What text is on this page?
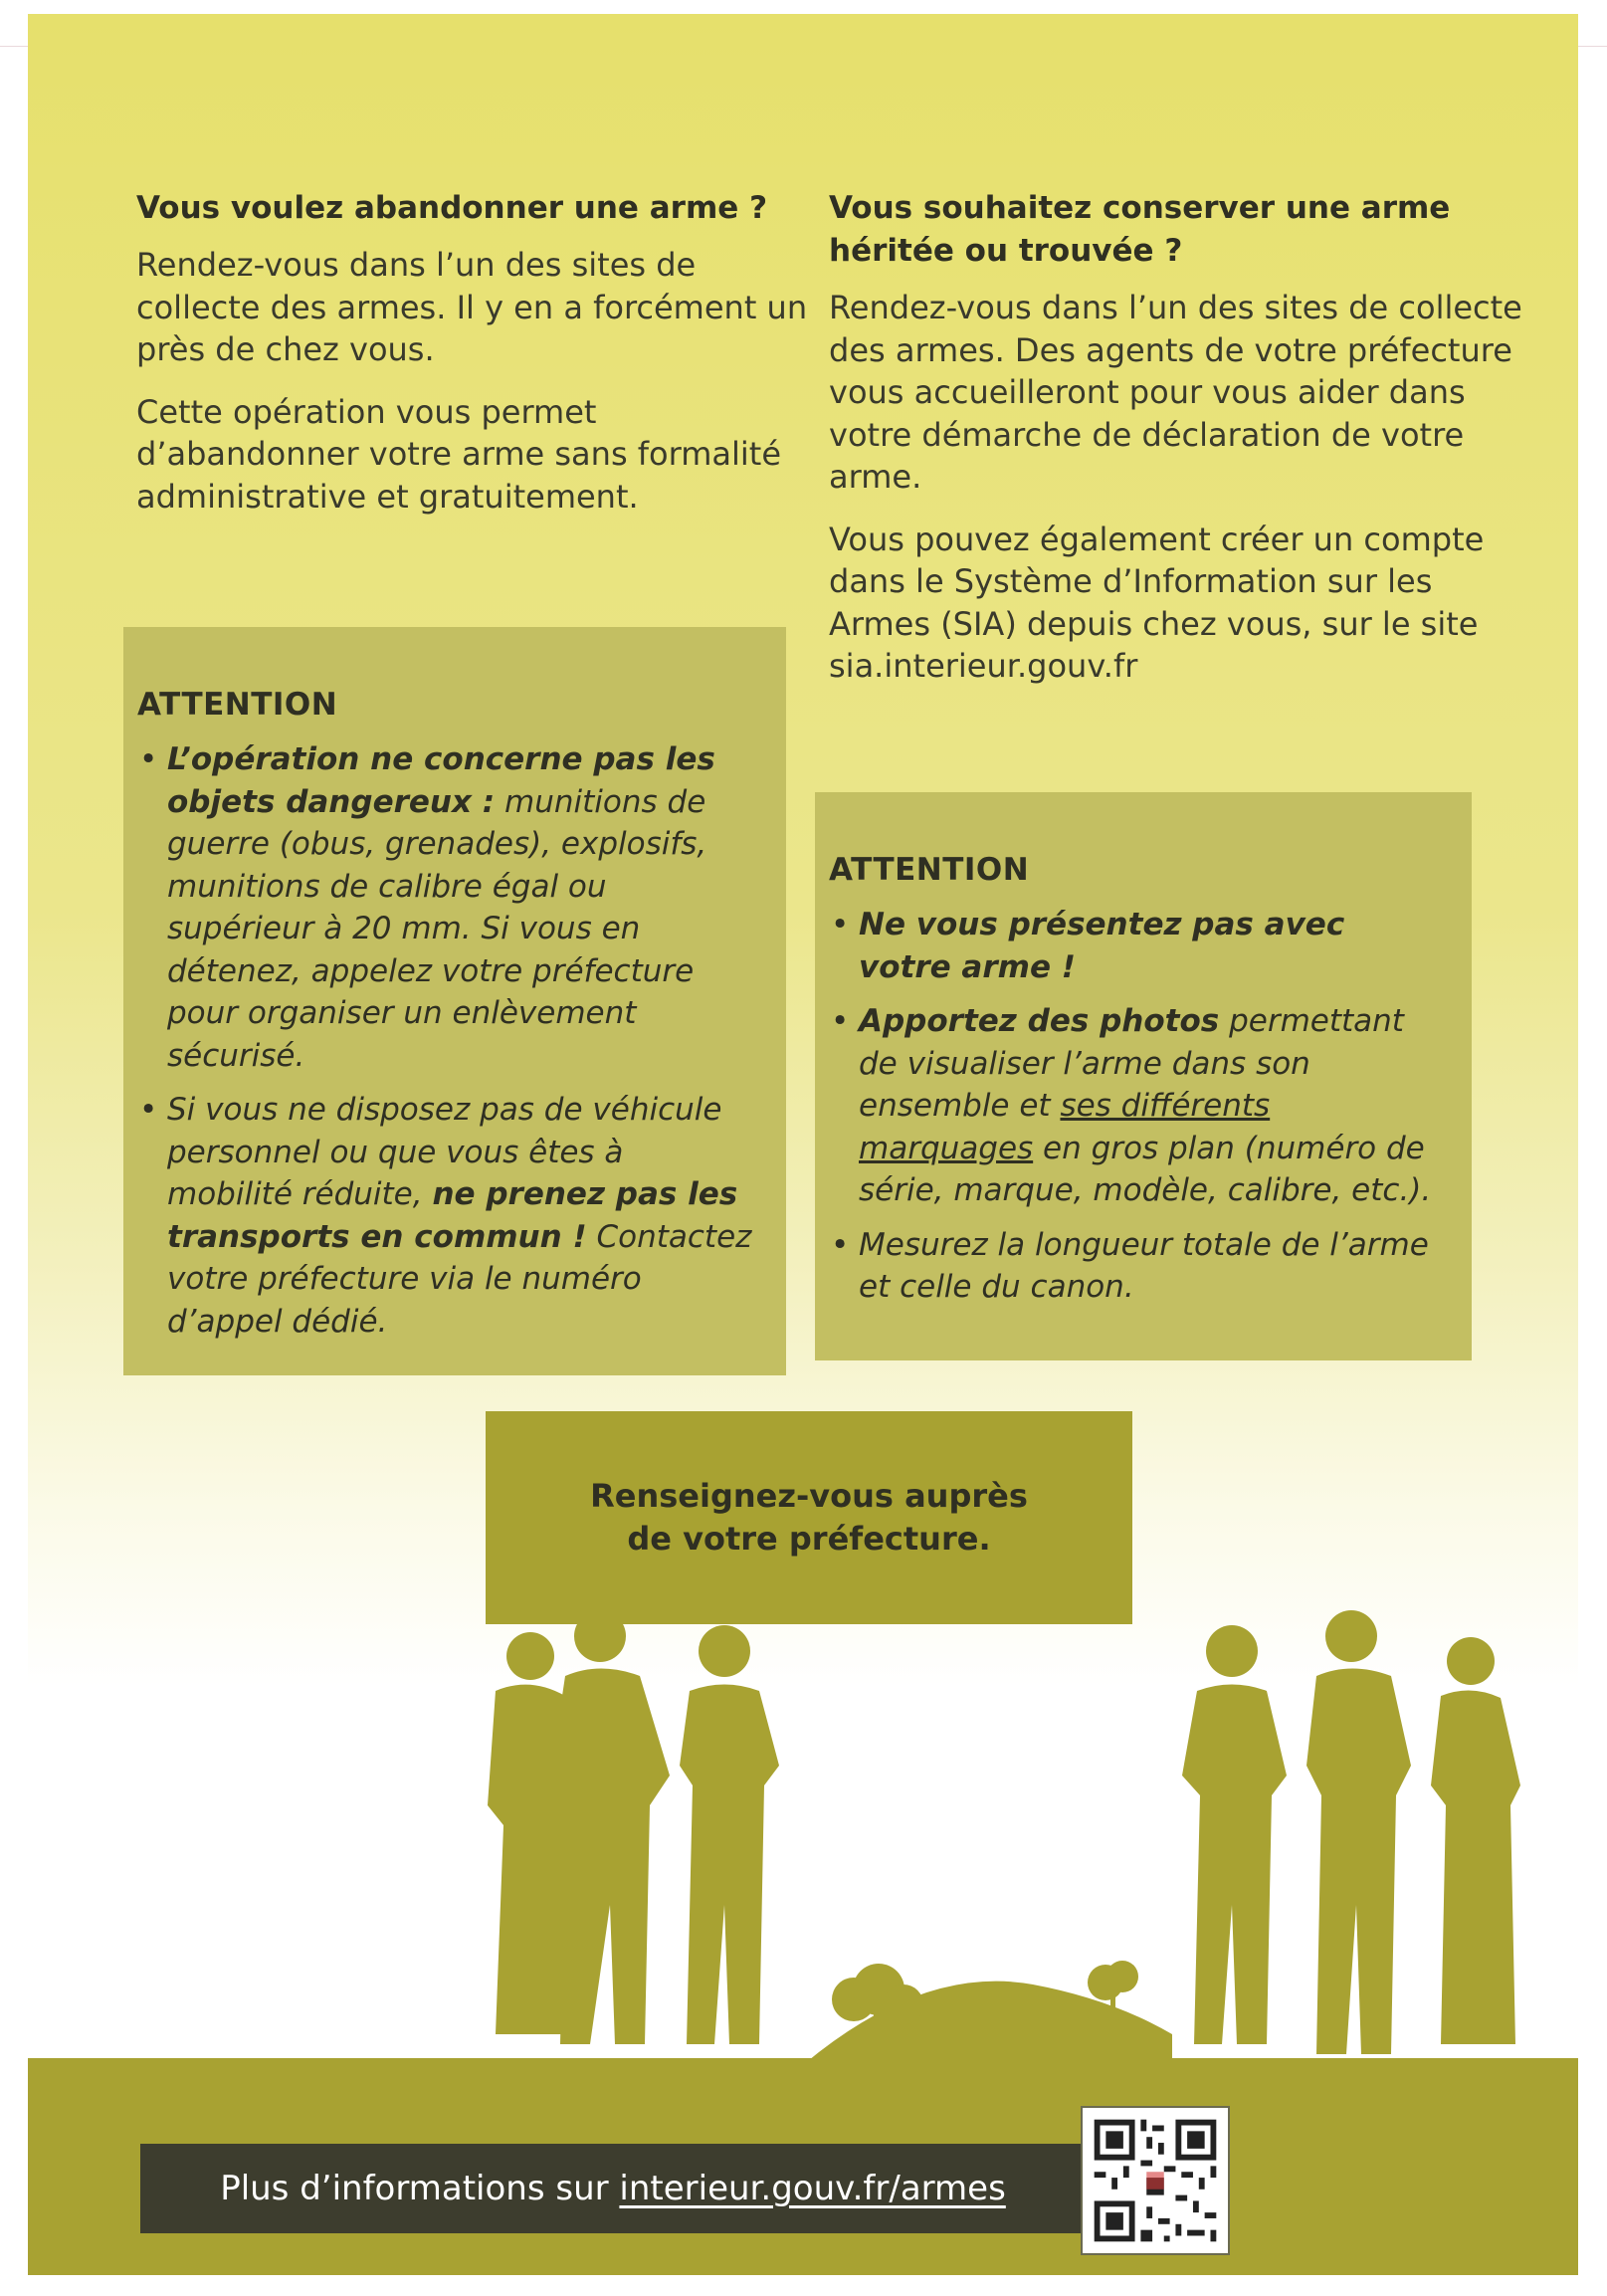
Vous voulez abandonner une arme ?

Rendez-vous dans l’un des sites de collecte des armes. Il y en a forcément un près de chez vous.

Cette opération vous permet d’abandonner votre arme sans formalité administrative et gratuitement.

Vous souhaitez conserver une arme héritée ou trouvée ?

Rendez-vous dans l’un des sites de collecte des armes. Des agents de votre préfecture vous accueilleront pour vous aider dans votre démarche de déclaration de votre arme.

Vous pouvez également créer un compte dans le Système d’Information sur les Armes (SIA) depuis chez vous, sur le site sia.interieur.gouv.fr

ATTENTION
• L’opération ne concerne pas les objets dangereux : munitions de guerre (obus, grenades), explosifs, munitions de calibre égal ou supérieur à 20 mm. Si vous en détenez, appelez votre préfecture pour organiser un enlèvement sécurisé.
• Si vous ne disposez pas de véhicule personnel ou que vous êtes à mobilité réduite, ne prenez pas les transports en commun ! Contactez votre préfecture via le numéro d’appel dédié.
ATTENTION
• Ne vous présentez pas avec votre arme !
• Apportez des photos permettant de visualiser l’arme dans son ensemble et ses différents marquages en gros plan (numéro de série, marque, modèle, calibre, etc.).
• Mesurez la longueur totale de l’arme et celle du canon.
Renseignez-vous auprès
de votre préfecture.
Plus d’informations sur interieur.gouv.fr/armes
